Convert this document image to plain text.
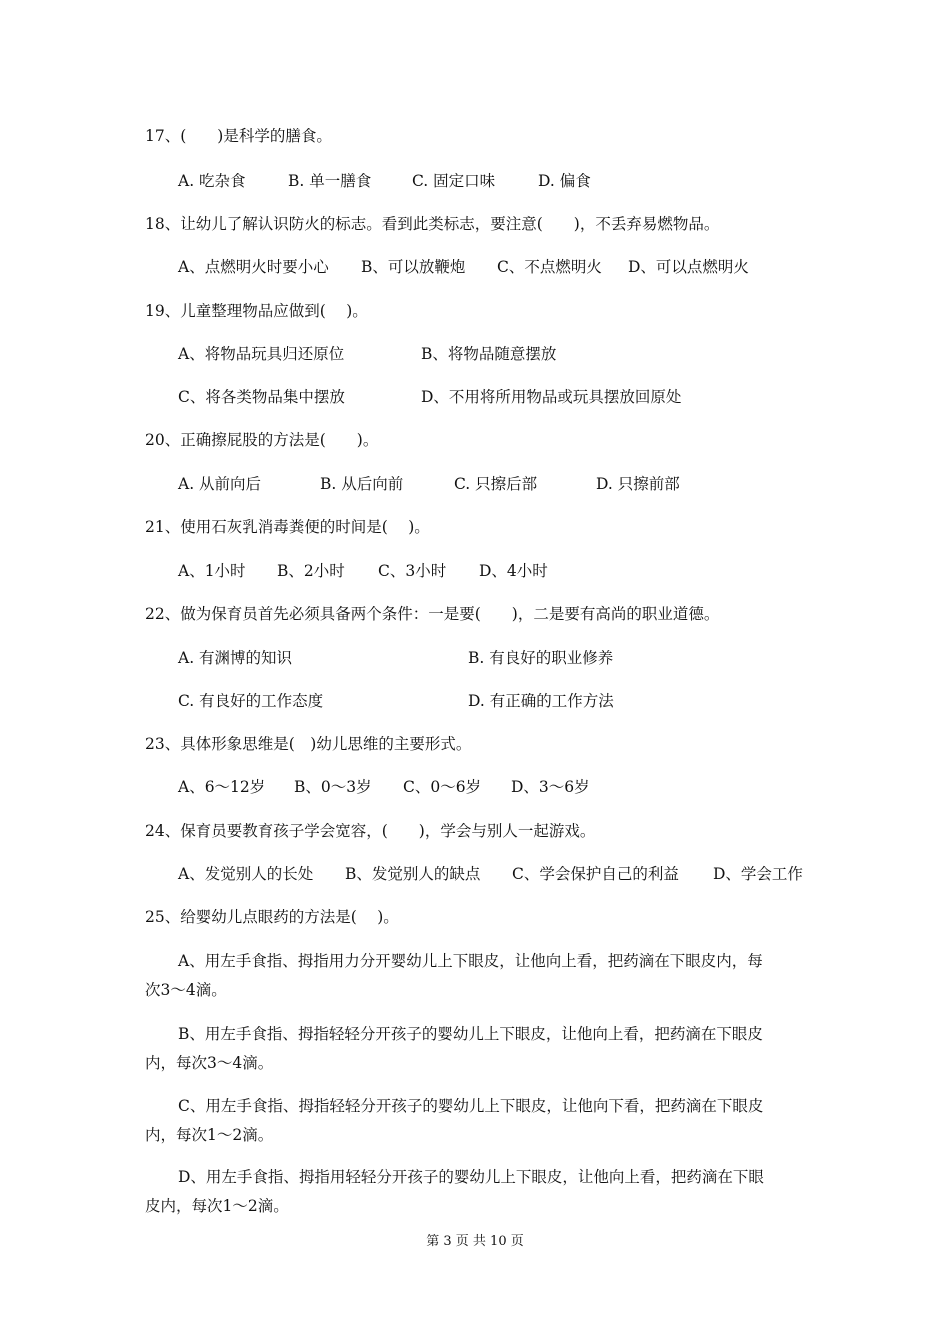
17、(　　)是科学的膳食。
A. 吃杂食	B. 单一膳食	C. 固定口味	D. 偏食
18、让幼儿了解认识防火的标志。看到此类标志，要注意(　　)，不丢弃易燃物品。
A、点燃明火时要小心 B、可以放鞭炮 C、不点燃明火 D、可以点燃明火
19、儿童整理物品应做到(　 )。
A、将物品玩具归还原位	B、将物品随意摆放
C、将各类物品集中摆放	D、不用将所用物品或玩具摆放回原处
20、正确擦屁股的方法是(　　)。
A. 从前向后	B. 从后向前	C. 只擦后部	D. 只擦前部
21、使用石灰乳消毒粪便的时间是(　 )。
A、1小时 B、2小时 C、3小时 D、4小时
22、做为保育员首先必须具备两个条件：一是要(　　)，二是要有高尚的职业道德。
A. 有渊博的知识	B. 有良好的职业修养
C. 有良好的工作态度	D. 有正确的工作方法
23、具体形象思维是(　)幼儿思维的主要形式。
A、6～12岁 B、0～3岁 C、0～6岁 D、3～6岁
24、保育员要教育孩子学会宽容，(　　)，学会与别人一起游戏。
A、发觉别人的长处 B、发觉别人的缺点 C、学会保护自己的利益 D、学会工作
25、给婴幼儿点眼药的方法是(　 )。
A、用左手食指、拇指用力分开婴幼儿上下眼皮，让他向上看，把药滴在下眼皮内，每
次3～4滴。
B、用左手食指、拇指轻轻分开孩子的婴幼儿上下眼皮，让他向上看，把药滴在下眼皮
内，每次3～4滴。
C、用左手食指、拇指轻轻分开孩子的婴幼儿上下眼皮，让他向下看，把药滴在下眼皮
内，每次1～2滴。
D、用左手食指、拇指用轻轻分开孩子的婴幼儿上下眼皮，让他向上看，把药滴在下眼
皮内，每次1～2滴。
第 3 页 共 10 页
